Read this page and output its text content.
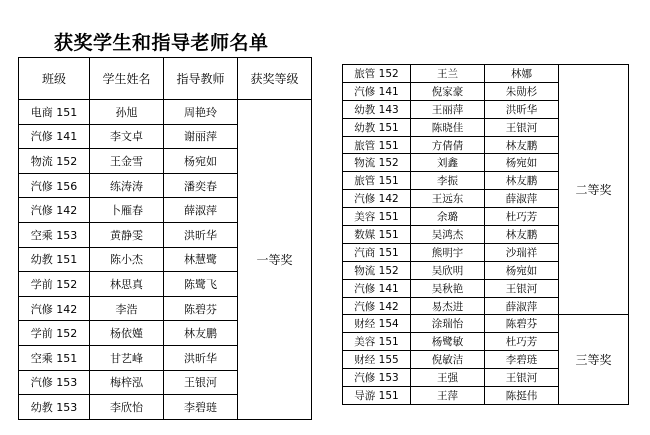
获奖学生和指导老师名单
班级	学生姓名	指导教师	获奖等级
电商 151	孙旭	周艳玲	一等奖
汽修 141	李文卓	谢丽萍	
物流 152	王金雪	杨宛如	
汽修 156	练涛涛	潘奕春	
汽修 142	卜雁春	薛淑萍	
空乘 153	黄静雯	洪昕华	
幼教 151	陈小杰	林慧鹭	
学前 152	林思真	陈鹭飞	
汽修 142	李浩	陈碧芬	
学前 152	杨依嫤	林友鹏	
空乘 151	甘艺峰	洪昕华	
汽修 153	梅梓泓	王银河	
幼教 153	李欣怡	李碧琏	
旅管 152	王兰	林娜	二等奖
汽修 141	倪家豪	朱勋杉	
幼教 143	王丽萍	洪昕华	
幼教 151	陈晓佳	王银河	
旅管 151	方倩倩	林友鹏	
物流 152	刘鑫	杨宛如	
旅管 151	李振	林友鹏	
汽修 142	王远东	薛淑萍	
美容 151	余璐	杜巧芳	
数媒 151	吴鸿杰	林友鹏	
汽商 151	熊明宇	沙瑞祥	
物流 152	吴欣明	杨宛如	
汽修 141	吴秋艳	王银河	
汽修 142	易杰进	薛淑萍	
财经 154	涂瑞怡	陈碧芬	三等奖
美容 151	杨鹭敏	杜巧芳	
财经 155	倪敏洁	李碧琏	
汽修 153	王强	王银河	
导游 151	王萍	陈挺伟	
